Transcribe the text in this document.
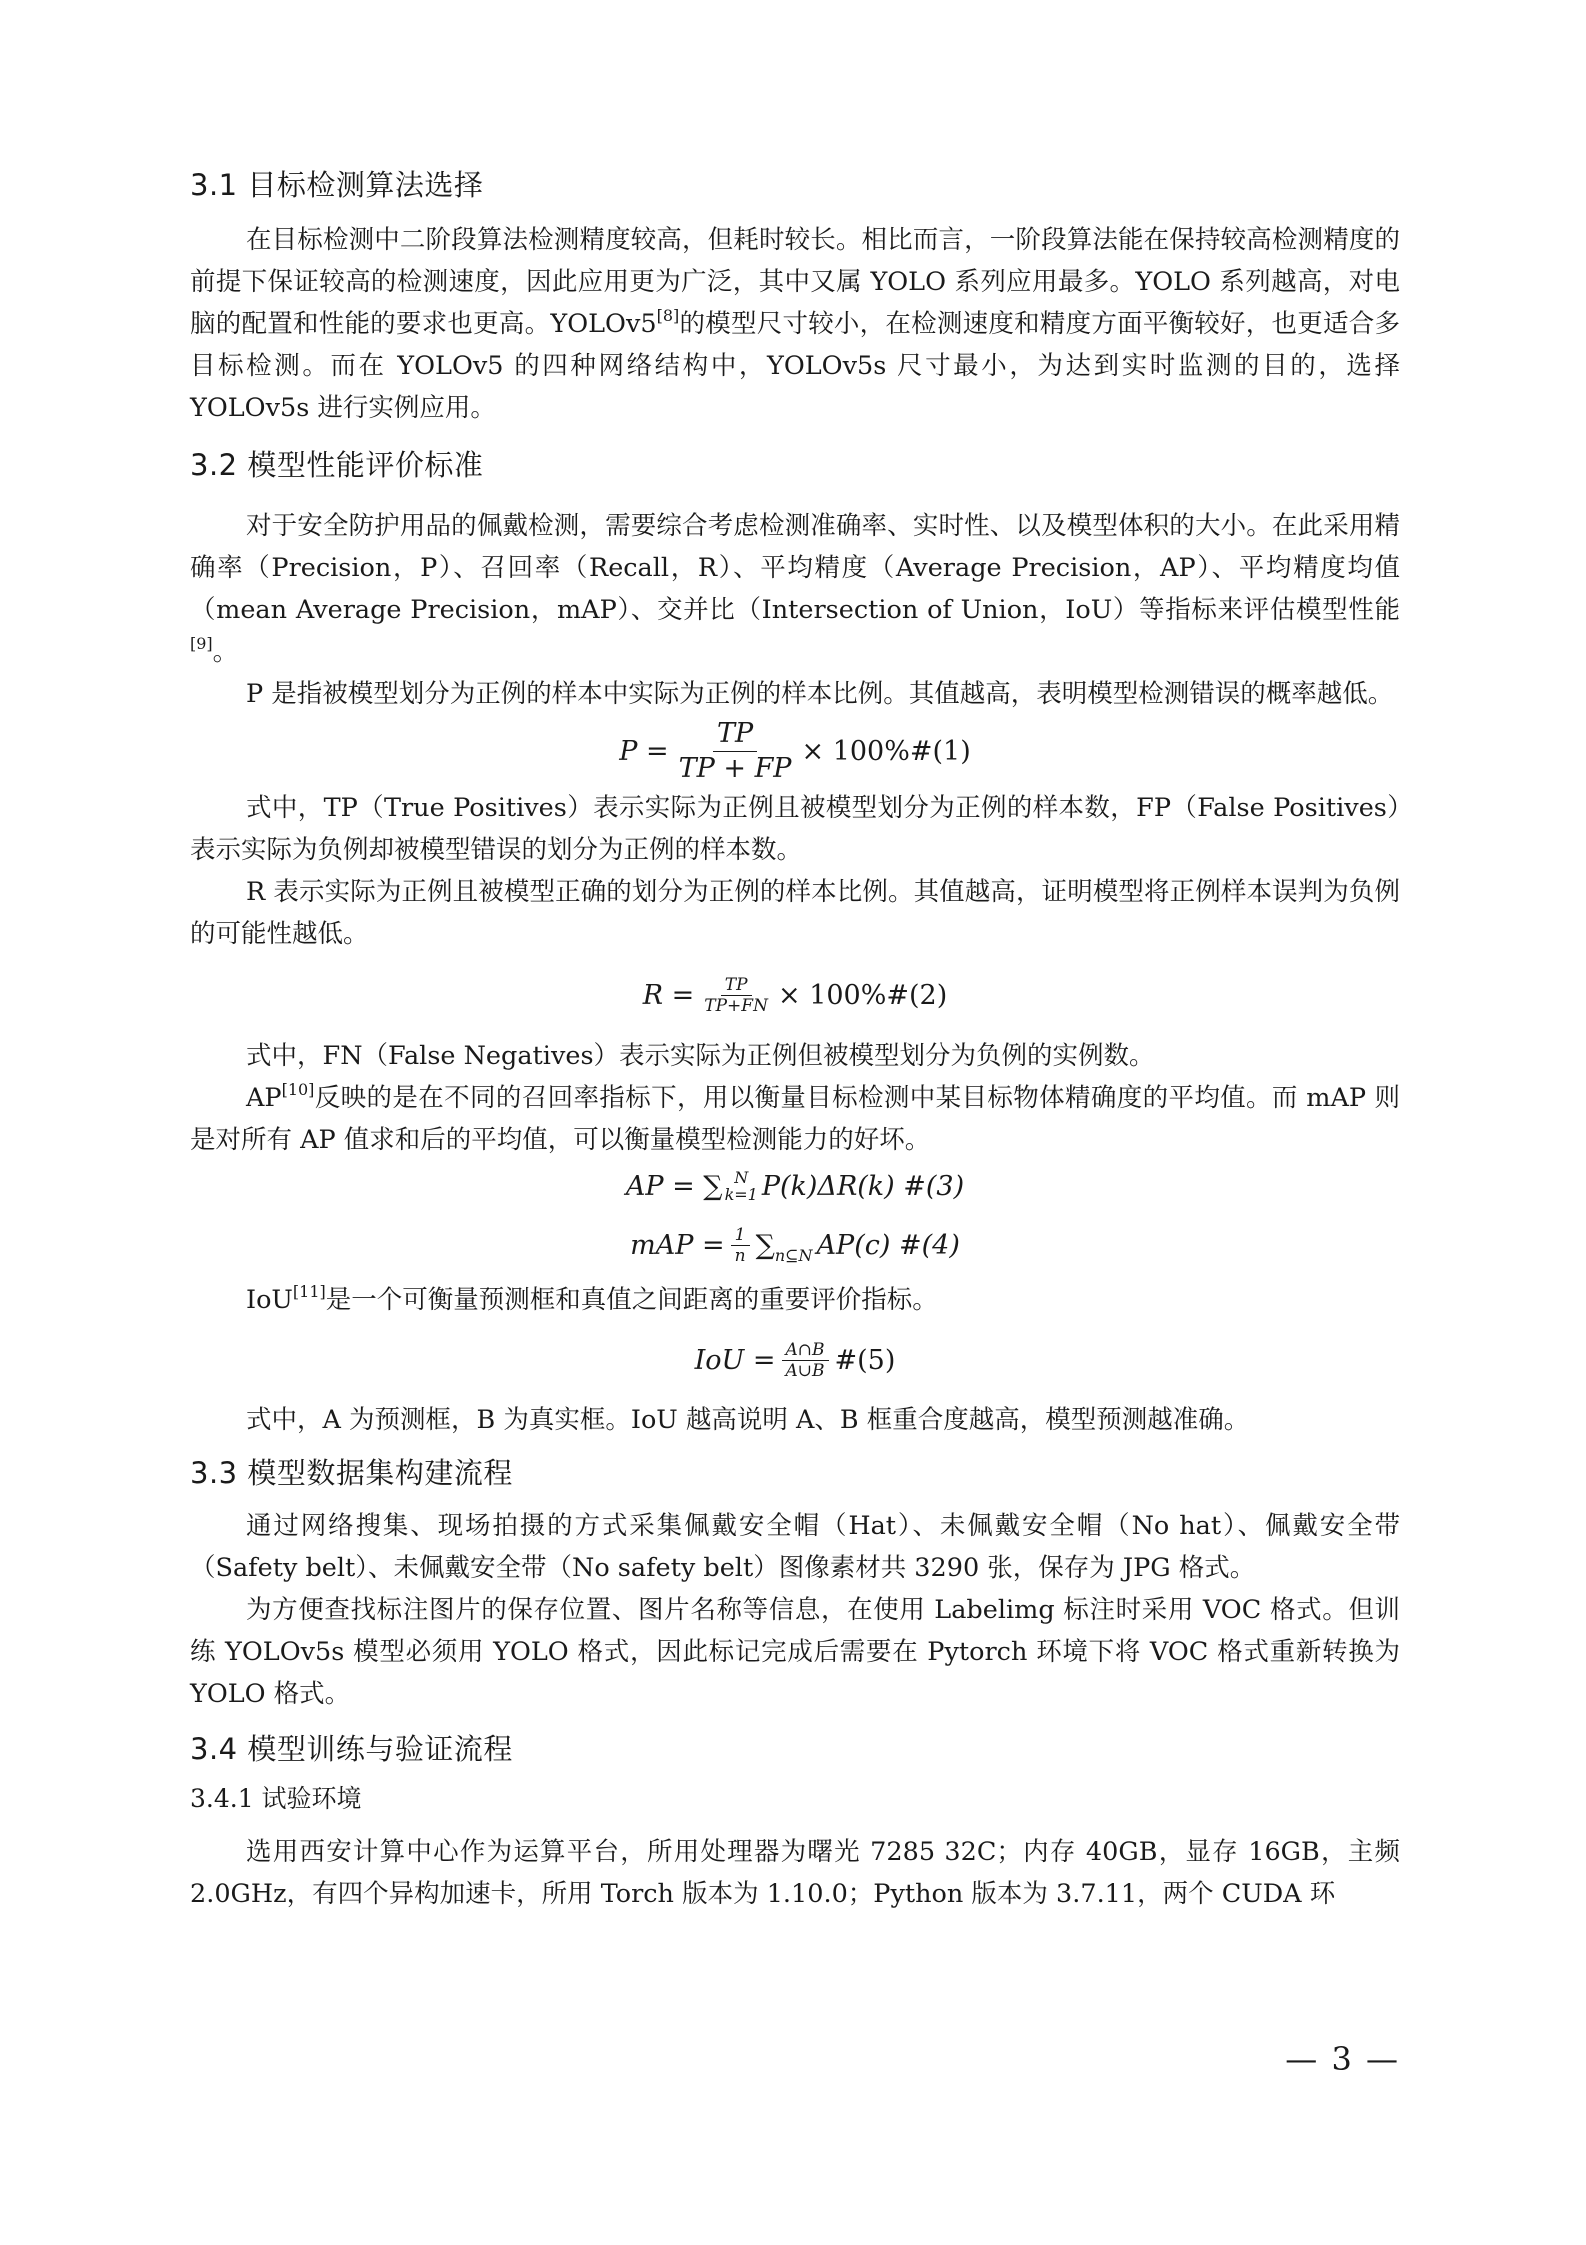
3.1 目标检测算法选择

在目标检测中二阶段算法检测精度较高，但耗时较长。相比而言，一阶段算法能在保持较高检测精度的前提下保证较高的检测速度，因此应用更为广泛，其中又属 YOLO 系列应用最多。YOLO 系列越高，对电脑的配置和性能的要求也更高。YOLOv5[8]的模型尺寸较小，在检测速度和精度方面平衡较好，也更适合多目标检测。而在 YOLOv5 的四种网络结构中，YOLOv5s 尺寸最小，为达到实时监测的目的，选择 YOLOv5s 进行实例应用。

3.2 模型性能评价标准

对于安全防护用品的佩戴检测，需要综合考虑检测准确率、实时性、以及模型体积的大小。在此采用精确率（Precision，P）、召回率（Recall，R）、平均精度（Average Precision，AP）、平均精度均值（mean Average Precision，mAP）、交并比（Intersection of Union，IoU）等指标来评估模型性能[9]。

P 是指被模型划分为正例的样本中实际为正例的样本比例。其值越高，表明模型检测错误的概率越低。

$P = \frac{TP}{TP + FP}$ × 100%#(1)

式中，TP（True Positives）表示实际为正例且被模型划分为正例的样本数，FP（False Positives）表示实际为负例却被模型错误的划分为正例的样本数。

R 表示实际为正例且被模型正确的划分为正例的样本比例。其值越高，证明模型将正例样本误判为负例的可能性越低。

$R = \frac{TP}{TP+FN}$ × 100%#(2)

式中，FN（False Negatives）表示实际为正例但被模型划分为负例的实例数。

AP[10]反映的是在不同的召回率指标下，用以衡量目标检测中某目标物体精确度的平均值。而 mAP 则是对所有 AP 值求和后的平均值，可以衡量模型检测能力的好坏。

AP = ∑ N
k=1 P(k)ΔR(k) #(3)
mAP = $\frac{1}{n}$ ∑ n⊆N AP(c) #(4)

IoU[11]是一个可衡量预测框和真值之间距离的重要评价指标。

IoU = $\frac{A\cap B}{A\cup B}$ #(5)

式中，A 为预测框，B 为真实框。IoU 越高说明 A、B 框重合度越高，模型预测越准确。

3.3 模型数据集构建流程

通过网络搜集、现场拍摄的方式采集佩戴安全帽（Hat）、未佩戴安全帽（No hat）、佩戴安全带（Safety belt）、未佩戴安全带（No safety belt）图像素材共 3290 张，保存为 JPG 格式。

为方便查找标注图片的保存位置、图片名称等信息，在使用 Labelimg 标注时采用 VOC 格式。但训练 YOLOv5s 模型必须用 YOLO 格式，因此标记完成后需要在 Pytorch 环境下将 VOC 格式重新转换为 YOLO 格式。

3.4 模型训练与验证流程
3.4.1 试验环境

选用西安计算中心作为运算平台，所用处理器为曙光 7285 32C；内存 40GB，显存 16GB，主频 2.0GHz，有四个异构加速卡，所用 Torch 版本为 1.10.0；Python 版本为 3.7.11，两个 CUDA 环

— 3 —
